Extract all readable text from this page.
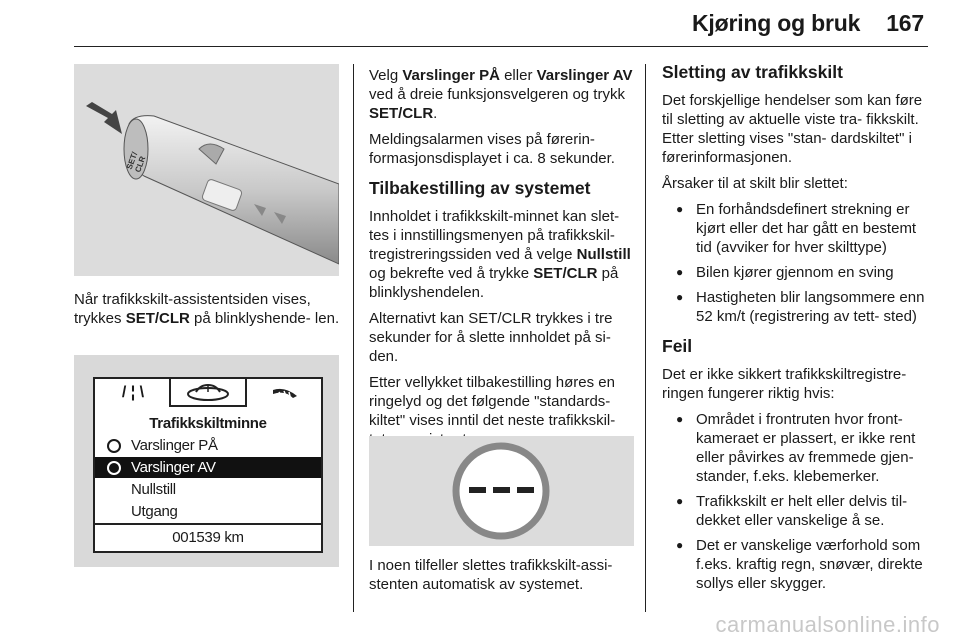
Kjøring og bruk 167
SET/ CLR

Når trafikkskilt-assistentsiden vises, trykkes SET/CLR på blinklyshende- len.

/ ¦ \
Trafikkskiltminne
Varslinger PÅ
Varslinger AV
Nullstill
Utgang
001539 km

Velg Varslinger PÅ eller Varslinger AV ved å dreie funksjonsvelgeren og trykk SET/CLR.

Meldingsalarmen vises på førerin- formasjonsdisplayet i ca. 8 sekunder.

Tilbakestilling av systemet

Innholdet i trafikkskilt-minnet kan slet- tes i innstillingsmenyen på trafikkskil- tregistreringssiden ved å velge Nullstill og bekrefte ved å trykke SET/CLR på blinklyshendelen.

Alternativt kan SET/CLR trykkes i tre sekunder for å slette innholdet på si- den.

Etter vellykket tilbakestilling høres en ringelyd og det følgende "standards- kiltet" vises inntil det neste trafikkskil-

I noen tilfeller slettes trafikkskilt-assi- stenten automatisk av systemet.

Sletting av trafikkskilt

Det forskjellige hendelser som kan føre til sletting av aktuelle viste tra- fikkskilt. Etter sletting vises "stan- dardskiltet" i førerinformasjonen.

Årsaker til at skilt blir slettet:

● En forhåndsdefinert strekning er kjørt eller det har gått en bestemt tid (avviker for hver skilttype)
● Bilen kjører gjennom en sving
● Hastigheten blir langsommere enn 52 km/t (registrering av tett- sted)
Feil

Det er ikke sikkert trafikkskiltregistre- ringen fungerer riktig hvis:

● Området i frontruten hvor front- kameraet er plassert, er ikke rent eller påvirkes av fremmede gjen- stander, f.eks. klebemerker.
● Trafikkskilt er helt eller delvis til- dekket eller vanskelige å se.
● Det er vanskelige værforhold som f.eks. kraftig regn, snøvær, direkte sollys eller skygger.
carmanualsonline.info
